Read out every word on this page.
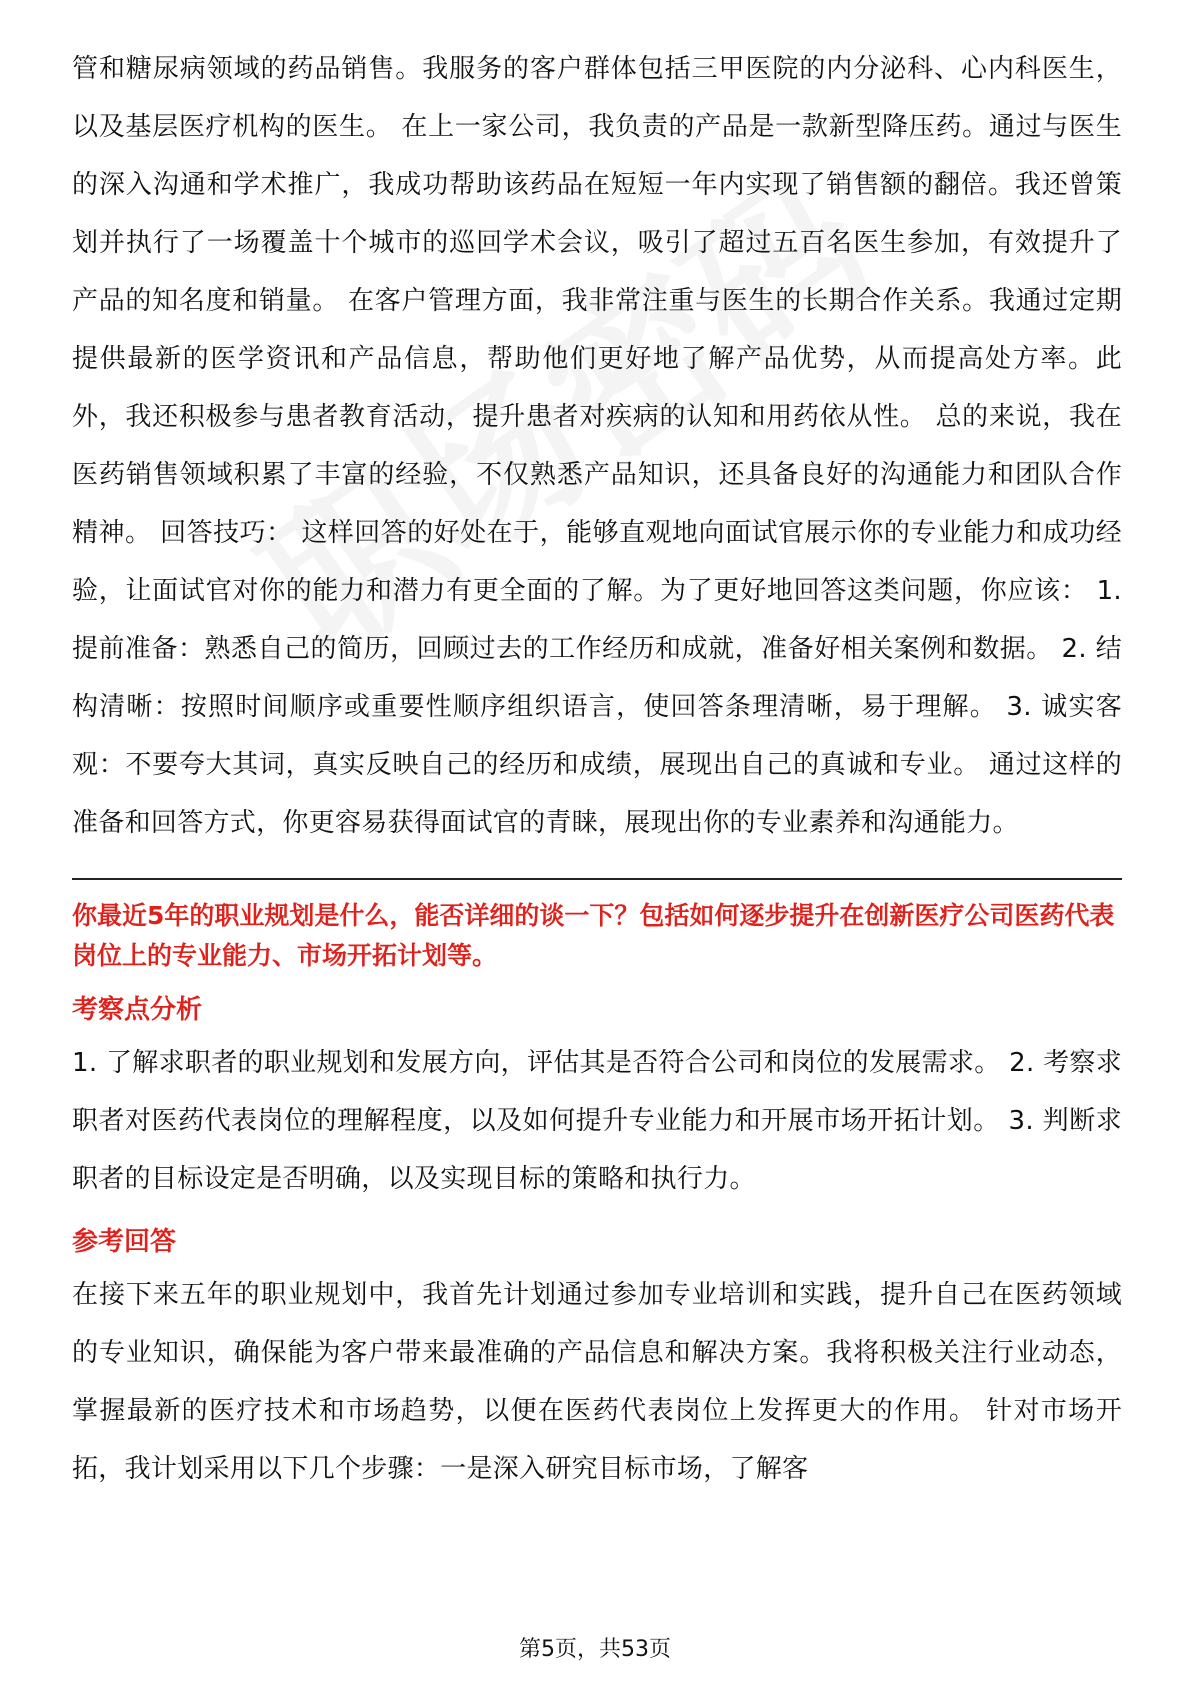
管和糖尿病领域的药品销售。我服务的客户群体包括三甲医院的内分泌科、心内科医生，以及基层医疗机构的医生。 在上一家公司，我负责的产品是一款新型降压药。通过与医生的深入沟通和学术推广，我成功帮助该药品在短短一年内实现了销售额的翻倍。我还曾策划并执行了一场覆盖十个城市的巡回学术会议，吸引了超过五百名医生参加，有效提升了产品的知名度和销量。 在客户管理方面，我非常注重与医生的长期合作关系。我通过定期提供最新的医学资讯和产品信息，帮助他们更好地了解产品优势，从而提高处方率。此外，我还积极参与患者教育活动，提升患者对疾病的认知和用药依从性。 总的来说，我在医药销售领域积累了丰富的经验，不仅熟悉产品知识，还具备良好的沟通能力和团队合作精神。 回答技巧： 这样回答的好处在于，能够直观地向面试官展示你的专业能力和成功经验，让面试官对你的能力和潜力有更全面的了解。为了更好地回答这类问题，你应该： 1. 提前准备：熟悉自己的简历，回顾过去的工作经历和成就，准备好相关案例和数据。 2. 结构清晰：按照时间顺序或重要性顺序组织语言，使回答条理清晰，易于理解。 3. 诚实客观：不要夸大其词，真实反映自己的经历和成绩，展现出自己的真诚和专业。 通过这样的准备和回答方式，你更容易获得面试官的青睐，展现出你的专业素养和沟通能力。

你最近5年的职业规划是什么，能否详细的谈一下？包括如何逐步提升在创新医疗公司医药代表岗位上的专业能力、市场开拓计划等。

考察点分析

1. 了解求职者的职业规划和发展方向，评估其是否符合公司和岗位的发展需求。 2. 考察求职者对医药代表岗位的理解程度，以及如何提升专业能力和开展市场开拓计划。 3. 判断求职者的目标设定是否明确，以及实现目标的策略和执行力。

参考回答

在接下来五年的职业规划中，我首先计划通过参加专业培训和实践，提升自己在医药领域的专业知识，确保能为客户带来最准确的产品信息和解决方案。我将积极关注行业动态，掌握最新的医疗技术和市场趋势，以便在医药代表岗位上发挥更大的作用。 针对市场开拓，我计划采用以下几个步骤：一是深入研究目标市场，了解客

第5页，共53页
